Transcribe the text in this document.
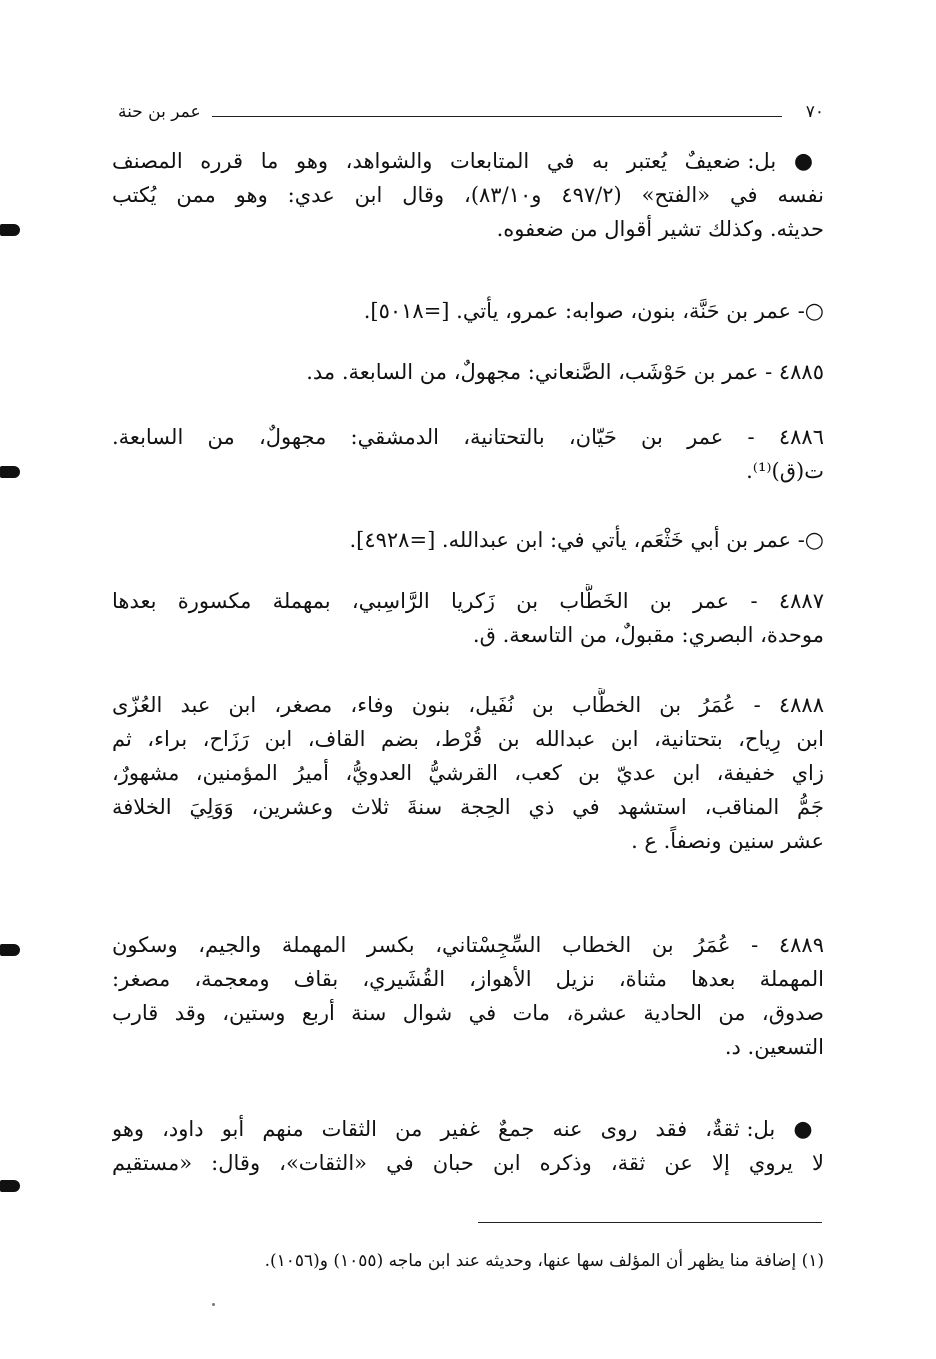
٧٠
عمر بن حنة
● بل: ضعيفٌ يُعتبر به في المتابعات والشواهد، وهو ما قرره المصنف
نفسه في «الفتح» (٤٩٧/٢ و٨٣/١٠)، وقال ابن عدي: وهو ممن يُكتب
حديثه. وكذلك تشير أقوال من ضعفوه.
○- عمر بن حَنَّة، بنون، صوابه: عمرو، يأتي. [=٥٠١٨].
٤٨٨٥ - عمر بن حَوْشَب، الصَّنعاني: مجهولٌ، من السابعة. مد.
٤٨٨٦ - عمر بن حَيّان، بالتحتانية، الدمشقي: مجهولٌ، من السابعة.
ت(ق)⁽¹⁾.
○- عمر بن أبي خَثْعَم، يأتي في: ابن عبدالله. [=٤٩٢٨].
٤٨٨٧ - عمر بن الخَطَّاب بن زَكريا الرَّاسِبي، بمهملة مكسورة بعدها
موحدة، البصري: مقبولٌ، من التاسعة. ق.
٤٨٨٨ - عُمَرُ بن الخطَّاب بن نُفَيل، بنون وفاء، مصغر، ابن عبد العُزّى
ابن رِياح، بتحتانية، ابن عبدالله بن قُرْط، بضم القاف، ابن رَزَاح، براء، ثم
زاي خفيفة، ابن عديّ بن كعب، القرشيُّ العدويُّ، أميرُ المؤمنين، مشهورٌ،
جَمُّ المناقب، استشهد في ذي الحِجة سنةَ ثلاث وعشرين، وَوَلِيَ الخلافة
عشر سنين ونصفاً. ع .
٤٨٨٩ - عُمَرُ بن الخطاب السِّجِسْتاني، بكسر المهملة والجيم، وسكون
المهملة بعدها مثناة، نزيل الأهواز، القُشَيري، بقاف ومعجمة، مصغر:
صدوق، من الحادية عشرة، مات في شوال سنة أربع وستين، وقد قارب
التسعين. د.
● بل: ثقةٌ، فقد روى عنه جمعٌ غفير من الثقات منهم أبو داود، وهو
لا يروي إلا عن ثقة، وذكره ابن حبان في «الثقات»، وقال: «مستقيم
(١) إضافة منا يظهر أن المؤلف سها عنها، وحديثه عند ابن ماجه (١٠٥٥) و(١٠٥٦).
